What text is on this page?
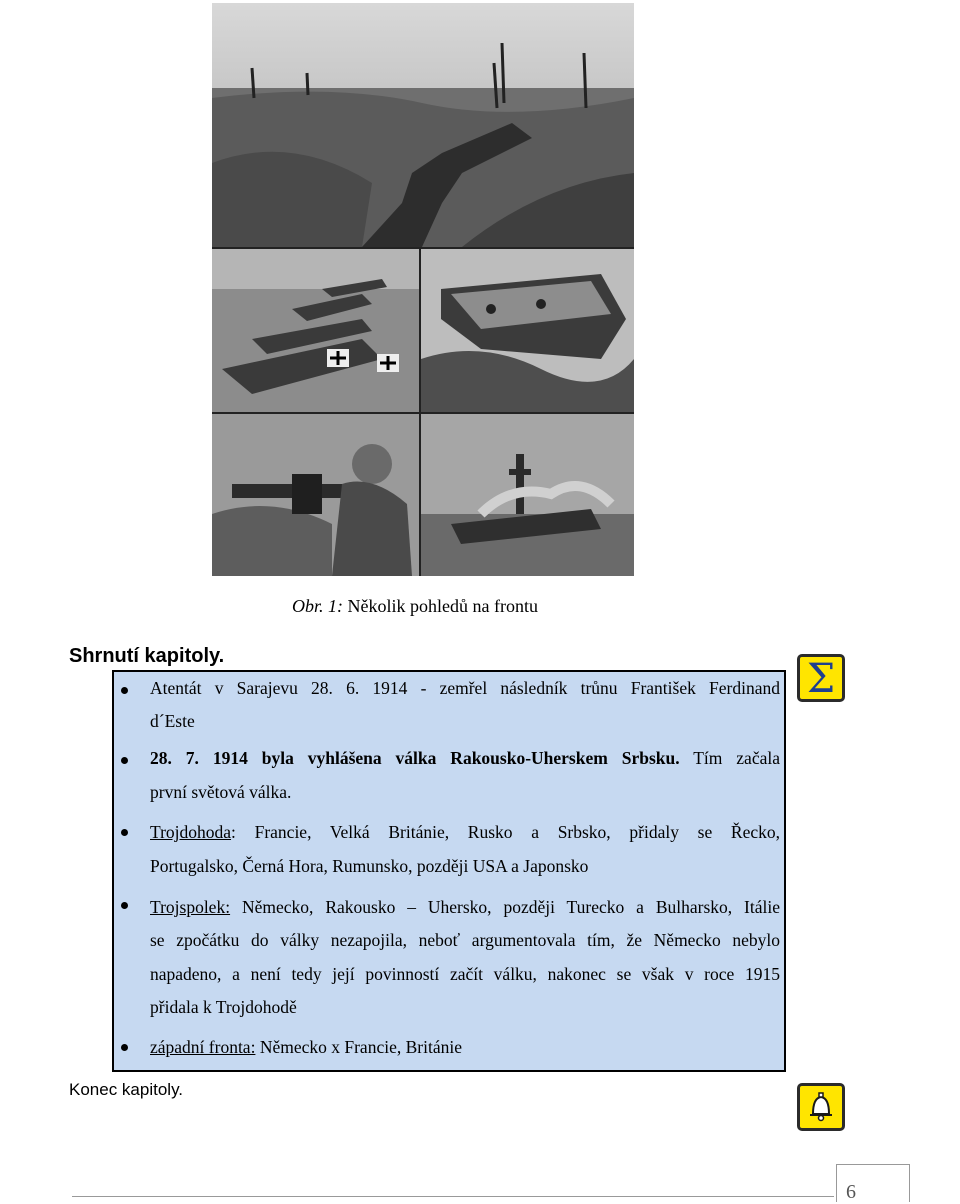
Obr. 1: Několik pohledů na frontu
Shrnutí kapitoly.	Σ
Atentát v Sarajevu 28. 6. 1914 - zemřel následník trůnu František Ferdinand
d´Este
28. 7. 1914 byla vyhlášena válka Rakousko-Uherskem Srbsku. Tím začala
první světová válka.
Trojdohoda: Francie, Velká Británie, Rusko a Srbsko, přidaly se Řecko,
Portugalsko, Černá Hora, Rumunsko, později USA a Japonsko
Trojspolek: Německo, Rakousko – Uhersko, později Turecko a Bulharsko, Itálie
se zpočátku do války nezapojila, neboť argumentovala tím, že Německo nebylo
napadeno, a není tedy její povinností začít válku, nakonec se však v roce 1915
přidala k Trojdohodě
západní fronta: Německo x Francie, Británie
Konec kapitoly.
6
